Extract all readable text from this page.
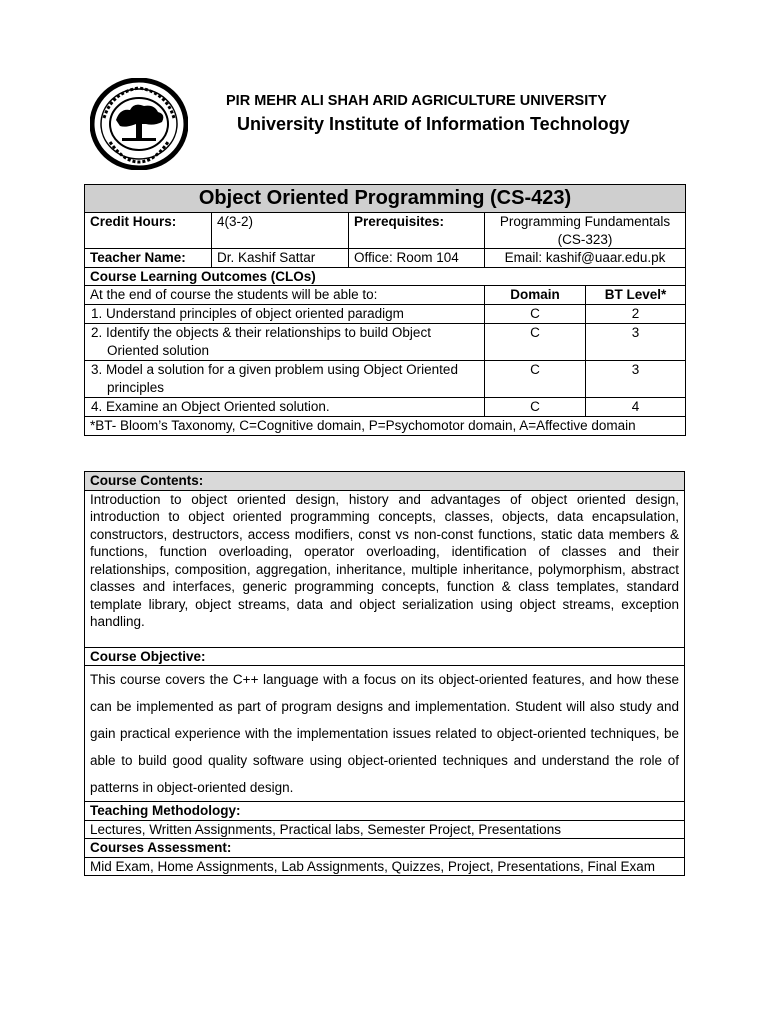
PIR MEHR ALI SHAH ARID AGRICULTURE UNIVERSITY
University Institute of Information Technology
Object Oriented Programming (CS-423)				
Credit Hours:	4(3-2)	Prerequisites:	Programming Fundamentals (CS-323)	
Teacher Name:	Dr. Kashif Sattar	Office: Room 104	Email: kashif@uaar.edu.pk	
Course Learning Outcomes (CLOs)				
At the end of course the students will be able to:			Domain	BT Level*
1. Understand principles of object oriented paradigm			C	2
2. Identify the objects & their relationships to build Object Oriented solution			C	3
3. Model a solution for a given problem using Object Oriented principles			C	3
4. Examine an Object Oriented solution.			C	4
*BT- Bloom’s Taxonomy, C=Cognitive domain, P=Psychomotor domain, A=Affective domain				
Course Contents:
Introduction to object oriented design, history and advantages of object oriented design, introduction to object oriented programming concepts, classes, objects, data encapsulation, constructors, destructors, access modifiers, const vs non-const functions, static data members & functions, function overloading, operator overloading, identification of classes and their relationships, composition, aggregation, inheritance, multiple inheritance, polymorphism, abstract classes and interfaces, generic programming concepts, function & class templates, standard template library, object streams, data and object serialization using object streams, exception handling.
Course Objective:
This course covers the C++ language with a focus on its object-oriented features, and how these can be implemented as part of program designs and implementation. Student will also study and gain practical experience with the implementation issues related to object-oriented techniques, be able to build good quality software using object-oriented techniques and understand the role of patterns in object-oriented design.
Teaching Methodology:
Lectures, Written Assignments, Practical labs, Semester Project, Presentations
Courses Assessment:
Mid Exam, Home Assignments, Lab Assignments, Quizzes, Project, Presentations, Final Exam
